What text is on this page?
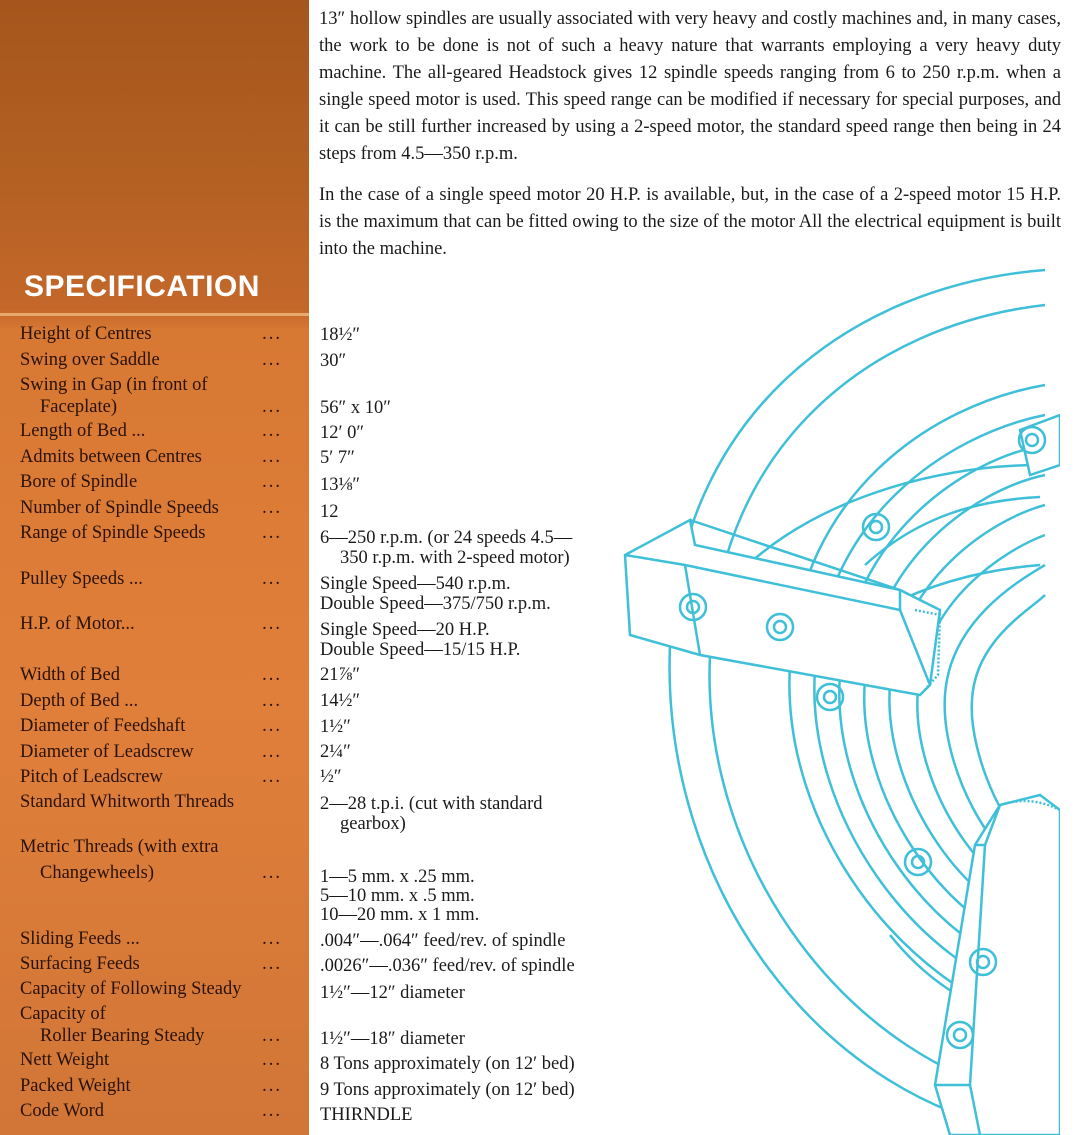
SPECIFICATION

13″ hollow spindles are usually associated with very heavy and costly machines and, in many cases, the work to be done is not of such a heavy nature that warrants employing a very heavy duty machine. The all-geared Headstock gives 12 spindle speeds ranging from 6 to 250 r.p.m. when a single speed motor is used. This speed range can be modified if necessary for special purposes, and it can be still further increased by using a 2-speed motor, the standard speed range then being in 24 steps from 4.5—350 r.p.m.

In the case of a single speed motor 20 H.P. is available, but, in the case of a 2-speed motor 15 H.P. is the maximum that can be fitted owing to the size of the motor All the electrical equipment is built into the machine.

Height of Centres	... 18½″
Swing over Saddle	... 30″
Swing in Gap (in front of
Faceplate)	... 56″ x 10″
Length of Bed ...	... 12′ 0″
Admits between Centres	... 5′ 7″
Bore of Spindle	... 13⅛″
Number of Spindle Speeds ... 12
Range of Spindle Speeds	... 6—250 r.p.m. (or 24 speeds 4.5—
350 r.p.m. with 2-speed motor)
Pulley Speeds ...	... Single Speed—540 r.p.m.
Double Speed—375/750 r.p.m.
H.P. of Motor...	... Single Speed—20 H.P.
Double Speed—15/15 H.P.
Width of Bed	... 21⅞″
Depth of Bed ...	... 14½″
Diameter of Feedshaft	... 1½″
Diameter of Leadscrew	... 2¼″
Pitch of Leadscrew	... ½″
Standard Whitworth Threads	2—28 t.p.i. (cut with standard
gearbox)
Metric Threads (with extra
Changewheels)	... 1—5 mm. x .25 mm.
5—10 mm. x .5 mm.
10—20 mm. x 1 mm.
Sliding Feeds ...	... .004″—.064″ feed/rev. of spindle
Surfacing Feeds	... .0026″—.036″ feed/rev. of spindle
Capacity of Following Steady	1½″—12″ diameter
Capacity of
Roller Bearing Steady	... 1½″—18″ diameter
Nett Weight	... 8 Tons approximately (on 12′ bed)
Packed Weight	... 9 Tons approximately (on 12′ bed)
Code Word	... THIRNDLE
